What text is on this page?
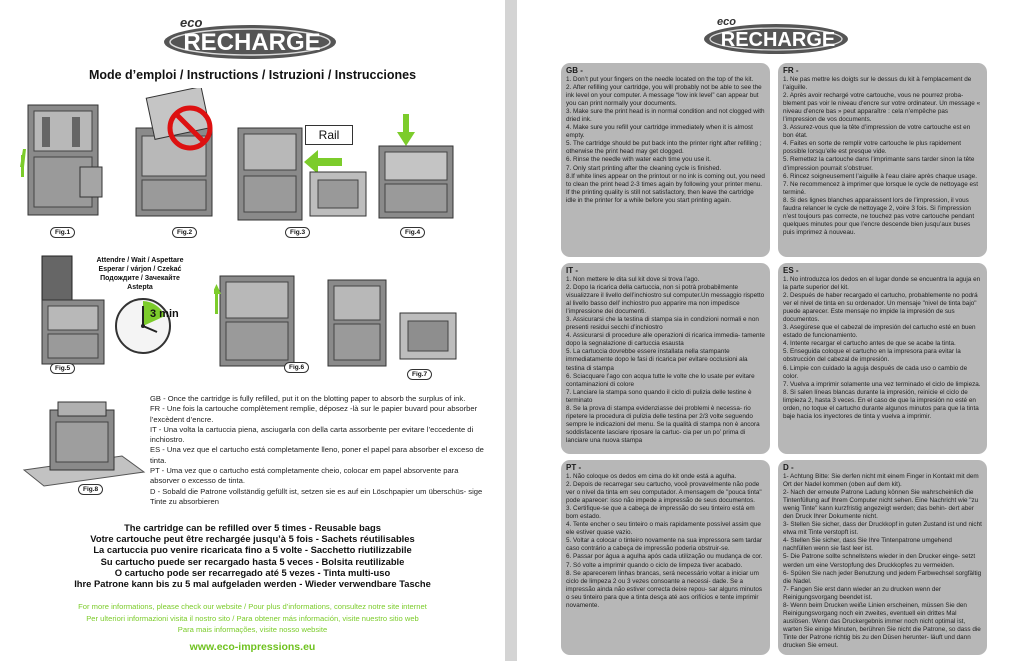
eco
RECHARGE
Mode d’emploi / Instructions / Istruzioni / Instrucciones
Fig.1	Fig.2
Rail
Fig.3	Fig.4
Attendre / Wait / Aspettare
Esperar / várjon / Czekać
Подождите / Зачекайте
Astepta
3 min
Fig.5	Fig.6
Fig.7
Fig.8

GB - Once the cartridge is fully refilled, put it on the blotting paper to absorb the surplus of ink.

FR - Une fois la cartouche complètement remplie, déposez -là sur le papier buvard pour absorber l’excèdent d’encre.

IT - Una volta la cartuccia piena, asciugarla con della carta assorbente per evitare l’eccedente di inchiostro.

ES - Una vez que el cartucho está completamente lleno, poner el papel para absorber el exceso de tinta.

PT - Uma vez que o cartucho está completamente cheio, colocar em papel absorvente para absorver o excesso de tinta.

D - Sobald die Patrone vollständig gefüllt ist, setzen sie es auf ein Löschpapier um überschüs- sige Tinte zu absorbieren

The cartridge can be refilled over 5 times - Reusable bags
Votre cartouche peut être rechargée jusqu’à 5 fois - Sachets réutilisables
La cartuccia puo venire ricaricata fino a 5 volte - Sacchetto riutilizzabile
Su cartucho puede ser recargado hasta 5 veces - Bolsita reutilizable
O cartucho pode ser recarregado até 5 vezes - Tinta multi-uso
Ihre Patrone kann bis zu 5 mal aufgeladen werden - Wieder verwendbare Tasche
For more informations, please check our website / Pour plus d’informations, consultez notre site internet
Per ulteriori informazioni visita il nostro sito / Para obtener más información, visite nuestro sitio web
Para mais informações, visite nosso website
www.eco-impressions.eu
eco
RECHARGE
GB -

1. Don’t put your fingers on the needle located on the top of the kit.

2. After refilling your cartridge, you will probably not be able to see the ink level on your computer. A message “low ink level” can appear but you can print normally your documents.

3. Make sure the print head is in normal condition and not clogged with dried ink.

4. Make sure you refill your cartridge immediately when it is almost empty.

5. The cartridge should be put back into the printer right after refilling ; otherwise the print head may get clogged.

6. Rinse the needle with water each time you use it.

7. Only start printing after the cleaning cycle is finished.

8.If white lines appear on the printout or no ink is coming out, you need to clean the print head 2-3 times again by following your printer menu. If the printing quality is still not satisfactory, then leave the cartridge idle in the printer for a while before you start printing again.

FR -

1. Ne pas mettre les doigts sur le dessus du kit à l’emplacement de l’aiguille.

2. Après avoir rechargé votre cartouche, vous ne pourrez proba- blement pas voir le niveau d’encre sur votre ordinateur. Un message « niveau d’encre bas » peut apparaître : cela n’empêche pas l’impression de vos documents.

3. Assurez-vous que la tête d’impression de votre cartouche est en bon état.

4. Faites en sorte de remplir votre cartouche le plus rapidement possible lorsqu’elle est presque vide.

5. Remettez la cartouche dans l’imprimante sans tarder sinon la tête d’impression pourrait s’obstruer.

6. Rincez soigneusement l’aiguille à l’eau claire après chaque usage.

7. Ne recommencez à imprimer que lorsque le cycle de nettoyage est terminé.

8. Si des lignes blanches apparaissent lors de l’impression, il vous faudra relancer le cycle de nettoyage 2, voire 3 fois. Si l’impression n’est toujours pas correcte, ne touchez pas votre cartouche pendant quelques minutes pour que l’encre descende bien jusqu’aux buses puis imprimez à nouveau.

IT -

1. Non mettere le dita sul kit dove si trova l’ago.

2. Dopo la ricarica della cartuccia, non si potrà probabilmente visualizzare il livello dell’inchiostro sul computer.Un messaggio rispetto al livello basso dell’ inchiostro puo apparire ma non impedisce l’impressione dei documenti.

3. Assicurarsi che la testina di stampa sia in condizioni normali e non presenti residui secchi d’inchiostro

4. Assicurarsi di procedure alle operazioni di ricarica immedia- tamente dopo la segnalazione di cartuccia esausta

5. La cartuccia dovrebbe essere installata nella stampante immediatamente dopo le fasi di ricarica per evitare occlusioni ala testina di stampa

6. Sciacquare l’ago con acqua tutte le volte che lo usate per evitare contaminazioni di colore

7. Lanciare la stampa sono quando il ciclo di pulizia delle testine è terminato

8. Se la prova di stampa evidenziasse dei problemi è necessa- rio ripetere la procedura di pulizia delle testina per 2/3 volte seguendo sempre le indicazioni del menu. Se la qualità di stampa non è ancora soddisfacente lasciare riposare la cartuc- cia per un po’ prima di lanciare una nuova stampa

ES -

1. No introduzca los dedos en el lugar donde se encuentra la aguja en la parte superior del kit.

2. Después de haber recargado el cartucho, probablemente no podrá ver el nivel de tinta en su ordenador. Un mensaje "nivel de tinta bajo" puede aparecer. Este mensaje no impide la impresión de sus documentos.

3. Asegúrese que el cabezal de impresión del cartucho esté en buen estado de funcionamiento.

4. Intente recargar el cartucho antes de que se acabe la tinta.

5. Enseguida coloque el cartucho en la impresora para evitar la obstrucción del cabezal de impresión.

6. Limpie con cuidado la aguja después de cada uso o cambio de color.

7. Vuelva a imprimir solamente una vez terminado el ciclo de limpieza.

8. Si salen líneas blancas durante la impresión, reinicie el ciclo de limpieza 2, hasta 3 veces. En el caso de que la impresión no esté en orden, no toque el cartucho durante algunos minutos para que la tinta baje hacia los inyectores de tinta y vuelva a imprimir.

PT -

1. Não coloque os dedos em cima do kit onde está a agulha.

2. Depois de recarregar seu cartucho, você provavelmente não pode ver o nível da tinta em seu computador. A mensagem de "pouca tinta" pode aparecer: isso não impede a impressão de seus documentos.

3. Certifique-se que a cabeça de impressão do seu tinteiro está em bom estado.

4. Tente encher o seu tinteiro o mais rapidamente possível assim que ele estiver quase vazio.

5. Voltar a colocar o tinteiro novamente na sua impressora sem tardar caso contrário a cabeça de impressão poderia obstruir-se.

6. Passar por água a agulha após cada utilização ou mudança de cor.

7. Só volte a imprimir quando o ciclo de limpeza tiver acabado.

8. Se aparecerem linhas brancas, será necessário voltar a iniciar um ciclo de limpeza 2 ou 3 vezes consoante a necessi- dade. Se a impressão ainda não estiver correcta deixe repou- sar alguns minutos o seu tinteiro para que a tinta desça até aos orifícios e tente imprimir novamente.

D -

1- Achtung Bitte: Sie derfen nicht mit einem Finger in Kontakt mit dem Ort der Nadel kommen (oben auf dem kit).

2- Nach der erneute Patrone Ladung können Sie wahrscheinlich die Tintenfüllung auf Ihrem Computer nicht sehen. Eine Nachricht wie "zu wenig Tinte" kann kurzfristig angezeigt werden; das behin- dert aber den Druck Ihrer Dokumente nicht.

3- Stellen Sie sicher, dass der Druckkopf in guten Zustand ist und nicht etwa mit Tinte verstopft ist.

4- Stellen Sie sicher, dass Sie Ihre Tintenpatrone umgehend nachfüllen wenn sie fast leer ist.

5- Die Patrone sollte schnellstens wieder in den Drucker einge- setzt werden um eine Verstopfung des Druckkopfes zu vermeiden.

6- Spülen Sie nach jeder Benutzung und jedem Farbwechsel sorgfältig die Nadel.

7- Fangen Sie erst dann wieder an zu drucken wenn der Reinigungsvorgang beendet ist.

8- Wenn beim Drucken weiße Linien erscheinen, müssen Sie den Reinigungsvorgang noch ein zweites, eventuell ein drittes Mal auslösen. Wenn das Druckergebnis immer noch nicht optimal ist, warten Sie einige Minuten, berühren Sie nicht die Patrone, so dass die Tinte der Patrone richtig bis zu den Düsen herunter- läuft und dann drucken Sie erneut.
